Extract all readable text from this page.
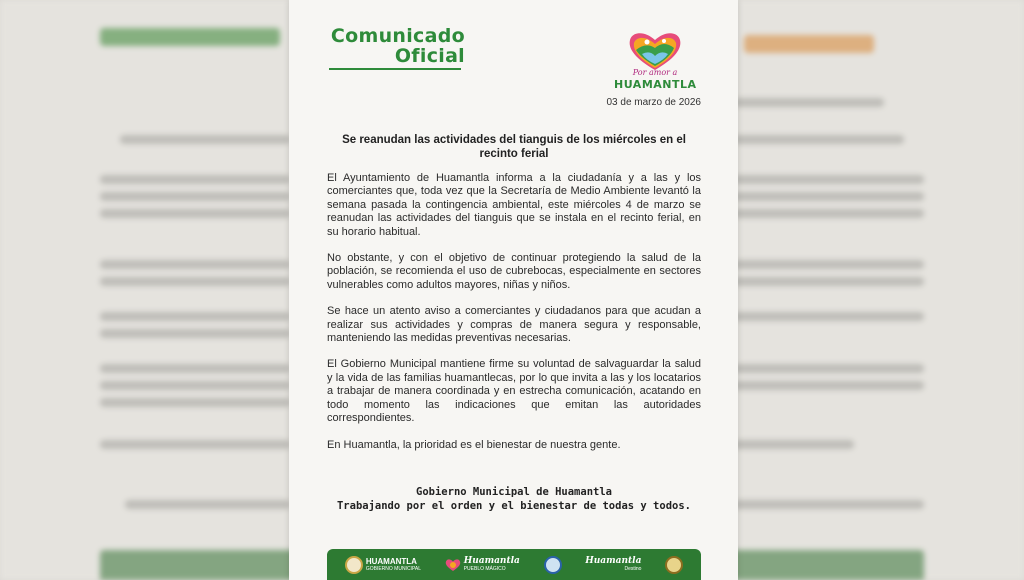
Comunicado
Oficial
Por amor a
HUAMANTLA
03 de marzo de 2026
Se reanudan las actividades del tianguis de los miércoles en el recinto ferial

El Ayuntamiento de Huamantla informa a la ciudadanía y a las y los comerciantes que, toda vez que la Secretaría de Medio Ambiente levantó la semana pasada la contingencia ambiental, este miércoles 4 de marzo se reanudan las actividades del tianguis que se instala en el recinto ferial, en su horario habitual.

No obstante, y con el objetivo de continuar protegiendo la salud de la población, se recomienda el uso de cubrebocas, especialmente en sectores vulnerables como adultos mayores, niñas y niños.

Se hace un atento aviso a comerciantes y ciudadanos para que acudan a realizar sus actividades y compras de manera segura y responsable, manteniendo las medidas preventivas necesarias.

El Gobierno Municipal mantiene firme su voluntad de salvaguardar la salud y la vida de las familias huamantlecas, por lo que invita a las y los locatarios a trabajar de manera coordinada y en estrecha comunicación, acatando en todo momento las indicaciones que emitan las autoridades correspondientes.

En Huamantla, la prioridad es el bienestar de nuestra gente.

Gobierno Municipal de Huamantla
Trabajando por el orden y el bienestar de todas y todos.
HUAMANTLA
GOBIERNO MUNICIPAL
Huamantla
PUEBLO MÁGICO
Huamantla
Destino
